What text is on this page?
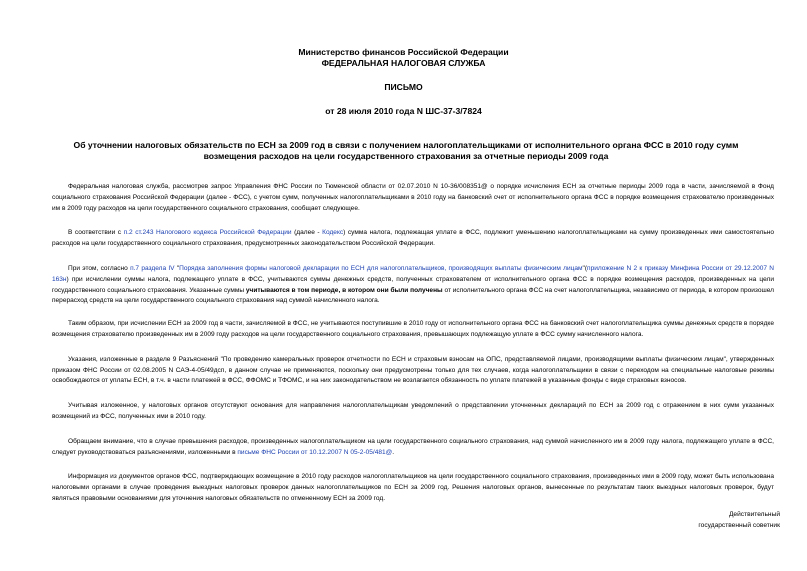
Министерство финансов Российской Федерации
ФЕДЕРАЛЬНАЯ НАЛОГОВАЯ СЛУЖБА
ПИСЬМО
от 28 июля 2010 года N ШС-37-3/7824
Об уточнении налоговых обязательств по ЕСН за 2009 год в связи с получением налогоплательщиками от исполнительного органа ФСС в 2010 году сумм возмещения расходов на цели государственного страхования за отчетные периоды 2009 года

Федеральная налоговая служба, рассмотрев запрос Управления ФНС России по Тюменской области от 02.07.2010 N 10-36/008351@ о порядке исчисления ЕСН за отчетные периоды 2009 года в части, зачисляемой в Фонд социального страхования Российской Федерации (далее - ФСС), с учетом сумм, полученных налогоплательщиками в 2010 году на банковский счет от исполнительного органа ФСС в порядке возмещения страхователю произведенных им в 2009 году расходов на цели государственного социального страхования, сообщает следующее.

В соответствии с п.2 ст.243 Налогового кодекса Российской Федерации (далее - Кодекс) сумма налога, подлежащая уплате в ФСС, подлежит уменьшению налогоплательщиками на сумму произведенных ими самостоятельно расходов на цели государственного социального страхования, предусмотренных законодательством Российской Федерации.

При этом, согласно п.7 раздела IV "Порядка заполнения формы налоговой декларации по ЕСН для налогоплательщиков, производящих выплаты физическим лицам"(приложение N 2 к приказу Минфина России от 29.12.2007 N 163н) при исчислении суммы налога, подлежащего уплате в ФСС, учитываются суммы денежных средств, полученных страхователем от исполнительного органа ФСС в порядке возмещения расходов, произведенных на цели государственного социального страхования. Указанные суммы учитываются в том периоде, в котором они были получены от исполнительного органа ФСС на счет налогоплательщика, независимо от периода, в котором произошел перерасход средств на цели государственного социального страхования над суммой начисленного налога.

Таким образом, при исчислении ЕСН за 2009 год в части, зачисляемой в ФСС, не учитываются поступившие в 2010 году от исполнительного органа ФСС на банковский счет налогоплательщика суммы денежных средств в порядке возмещения страхователю произведенных им в 2009 году расходов на цели государственного социального страхования, превышающих подлежащую уплате в ФСС сумму начисленного налога.

Указания, изложенные в разделе 9 Разъяснений "По проведению камеральных проверок отчетности по ЕСН и страховым взносам на ОПС, представляемой лицами, производящими выплаты физическим лицам", утвержденных приказом ФНС России от 02.08.2005 N САЭ-4-05/49дсп, в данном случае не применяются, поскольку они предусмотрены только для тех случаев, когда налогоплательщики в связи с переходом на специальные налоговые режимы освобождаются от уплаты ЕСН, в т.ч. в части платежей в ФСС, ФФОМС и ТФОМС, и на них законодательством не возлагается обязанность по уплате платежей в указанные фонды с виде страховых взносов.

Учитывая изложенное, у налоговых органов отсутствуют основания для направления налогоплательщикам уведомлений о представлении уточненных деклараций по ЕСН за 2009 год с отражением в них сумм указанных возмещений из ФСС, полученных ими в 2010 году.

Обращаем внимание, что в случае превышения расходов, произведенных налогоплательщиком на цели государственного социального страхования, над суммой начисленного им в 2009 году налога, подлежащего уплате в ФСС, следует руководствоваться разъяснениями, изложенными в письме ФНС России от 10.12.2007 N 05-2-05/481@.

Информация из документов органов ФСС, подтверждающих возмещение в 2010 году расходов налогоплательщиков на цели государственного социального страхования, произведенных ими в 2009 году, может быть использована налоговыми органами в случае проведения выездных налоговых проверок данных налогоплательщиков по ЕСН за 2009 год. Решения налоговых органов, вынесенные по результатам таких выездных налоговых проверок, будут являться правовыми основаниями для уточнения налоговых обязательств по отмененному ЕСН за 2009 год.

Действительный
государственный советник
